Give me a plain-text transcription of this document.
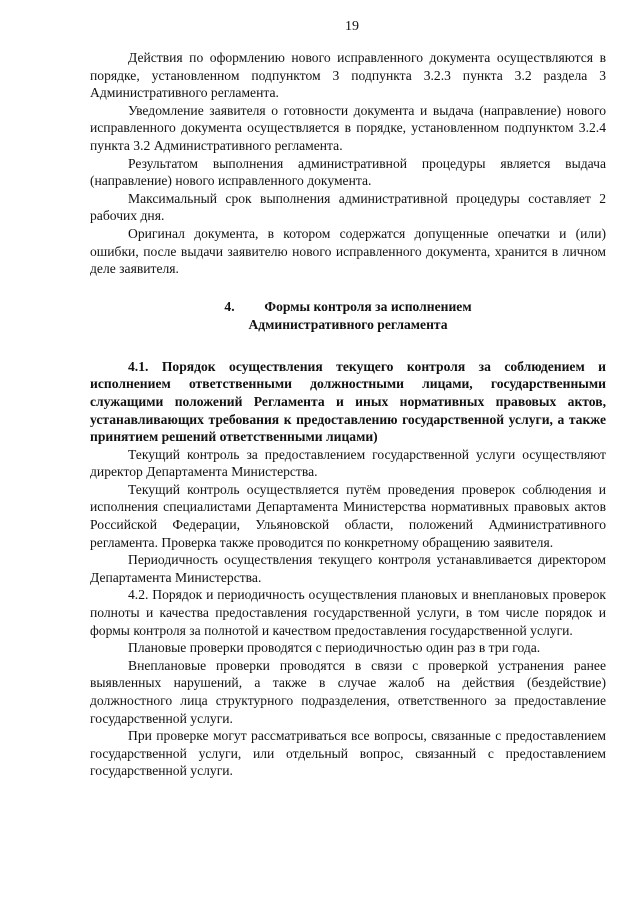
19

Действия по оформлению нового исправленного документа осуществляются в порядке, установленном подпунктом 3 подпункта 3.2.3 пункта 3.2 раздела 3 Административного регламента.

Уведомление заявителя о готовности документа и выдача (направление) нового исправленного документа осуществляется в порядке, установленном подпунктом 3.2.4 пункта 3.2 Административного регламента.

Результатом выполнения административной процедуры является выдача (направление) нового исправленного документа.

Максимальный срок выполнения административной процедуры составляет 2 рабочих дня.

Оригинал документа, в котором содержатся допущенные опечатки и (или) ошибки, после выдачи заявителю нового исправленного документа, хранится в личном деле заявителя.

4. Формы контроля за исполнением
Административного регламента

4.1. Порядок осуществления текущего контроля за соблюдением и исполнением ответственными должностными лицами, государственными служащими положений Регламента и иных нормативных правовых актов, устанавливающих требования к предоставлению государственной услуги, а также принятием решений ответственными лицами)

Текущий контроль за предоставлением государственной услуги осуществляют директор Департамента Министерства.

Текущий контроль осуществляется путём проведения проверок соблюдения и исполнения специалистами Департамента Министерства нормативных правовых актов Российской Федерации, Ульяновской области, положений Административного регламента. Проверка также проводится по конкретному обращению заявителя.

Периодичность осуществления текущего контроля устанавливается директором Департамента Министерства.

4.2. Порядок и периодичность осуществления плановых и внеплановых проверок полноты и качества предоставления государственной услуги, в том числе порядок и формы контроля за полнотой и качеством предоставления государственной услуги.

Плановые проверки проводятся с периодичностью один раз в три года.

Внеплановые проверки проводятся в связи с проверкой устранения ранее выявленных нарушений, а также в случае жалоб на действия (бездействие) должностного лица структурного подразделения, ответственного за предоставление государственной услуги.

При проверке могут рассматриваться все вопросы, связанные с предоставлением государственной услуги, или отдельный вопрос, связанный с предоставлением государственной услуги.
